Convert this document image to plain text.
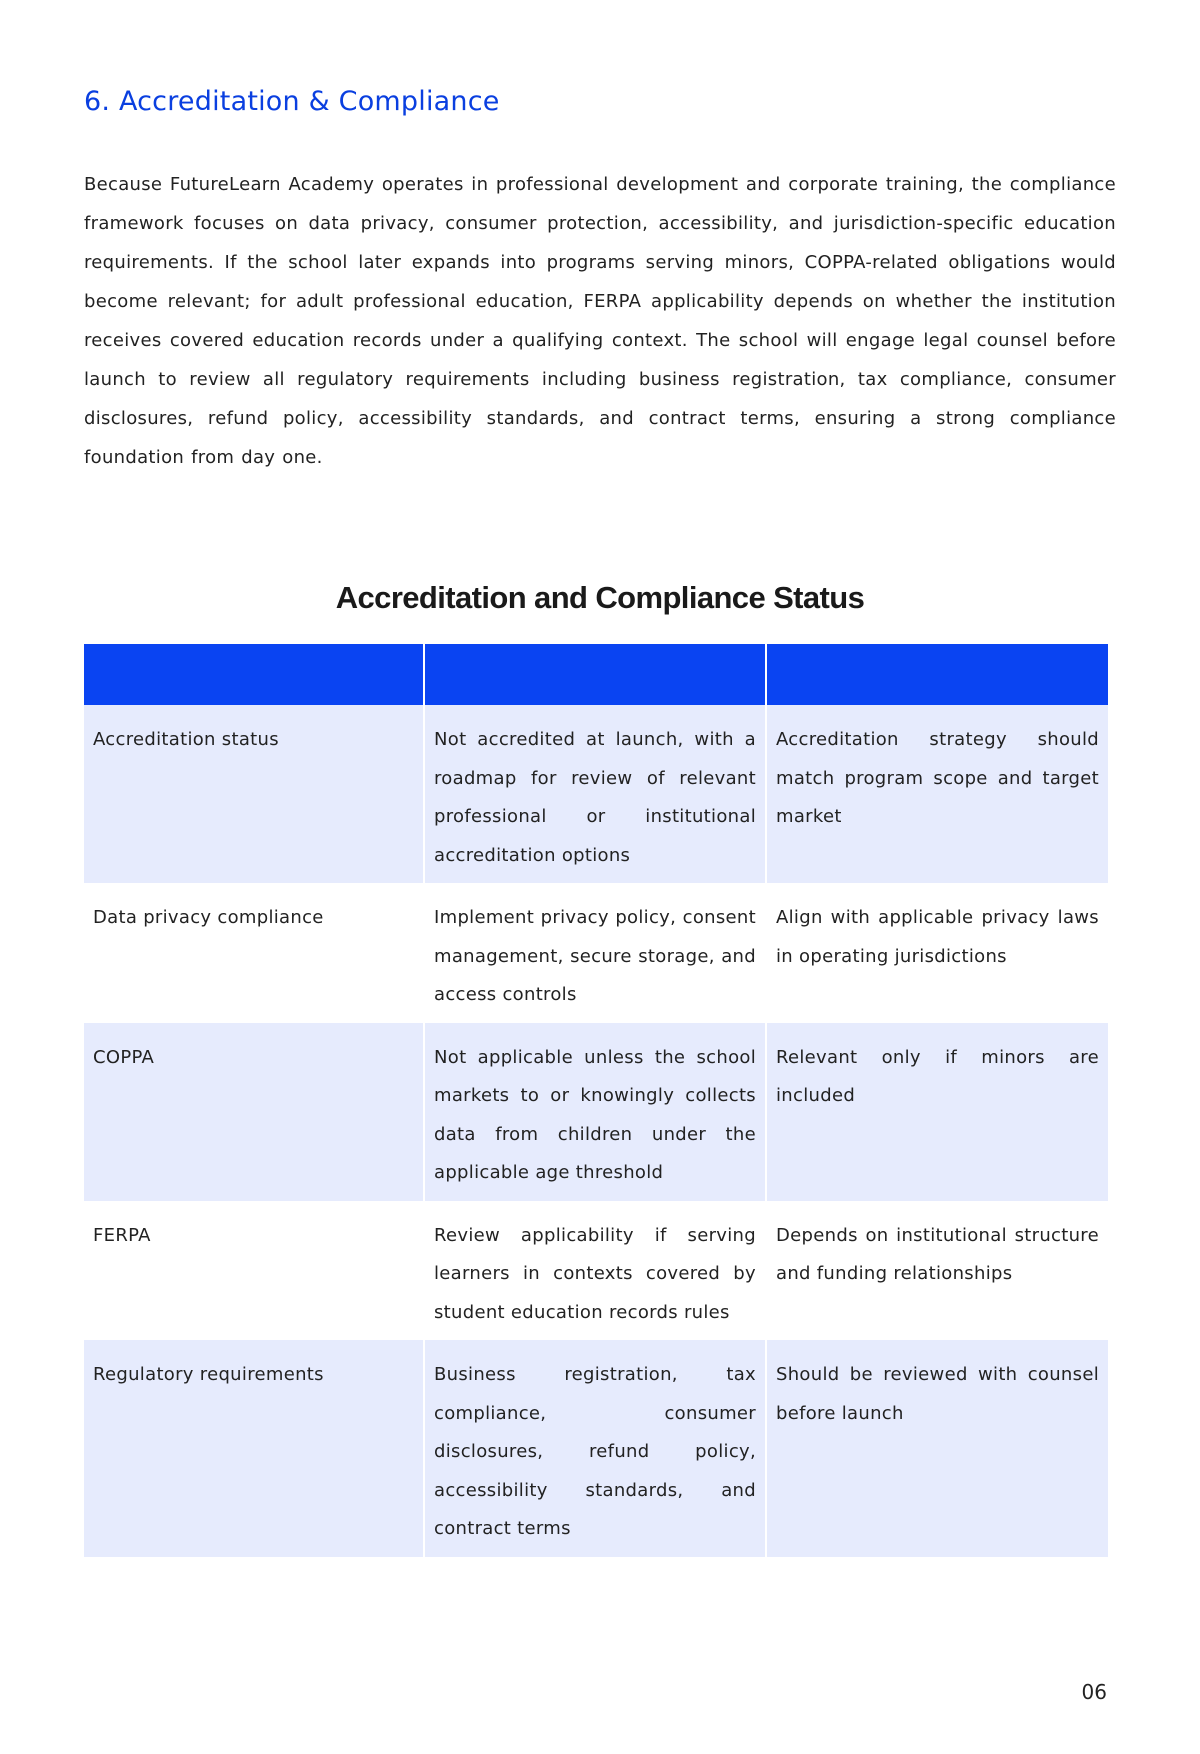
6. Accreditation & Compliance

Because FutureLearn Academy operates in professional development and corporate training, the compliance framework focuses on data privacy, consumer protection, accessibility, and jurisdiction-specific education requirements. If the school later expands into programs serving minors, COPPA-related obligations would become relevant; for adult professional education, FERPA applicability depends on whether the institution receives covered education records under a qualifying context. The school will engage legal counsel before launch to review all regulatory requirements including business registration, tax compliance, consumer disclosures, refund policy, accessibility standards, and contract terms, ensuring a strong compliance foundation from day one.

Accreditation and Compliance Status

Accreditation status	Not accredited at launch, with a roadmap for review of relevant professional or institutional accreditation options	Accreditation strategy should match program scope and target market
Data privacy compliance	Implement privacy policy, consent management, secure storage, and access controls	Align with applicable privacy laws in operating jurisdictions
COPPA	Not applicable unless the school markets to or knowingly collects data from children under the applicable age threshold	Relevant only if minors are included
FERPA	Review applicability if serving learners in contexts covered by student education records rules	Depends on institutional structure and funding relationships
Regulatory requirements	Business registration, tax compliance, consumer disclosures, refund policy, accessibility standards, and contract terms	Should be reviewed with counsel before launch
06
